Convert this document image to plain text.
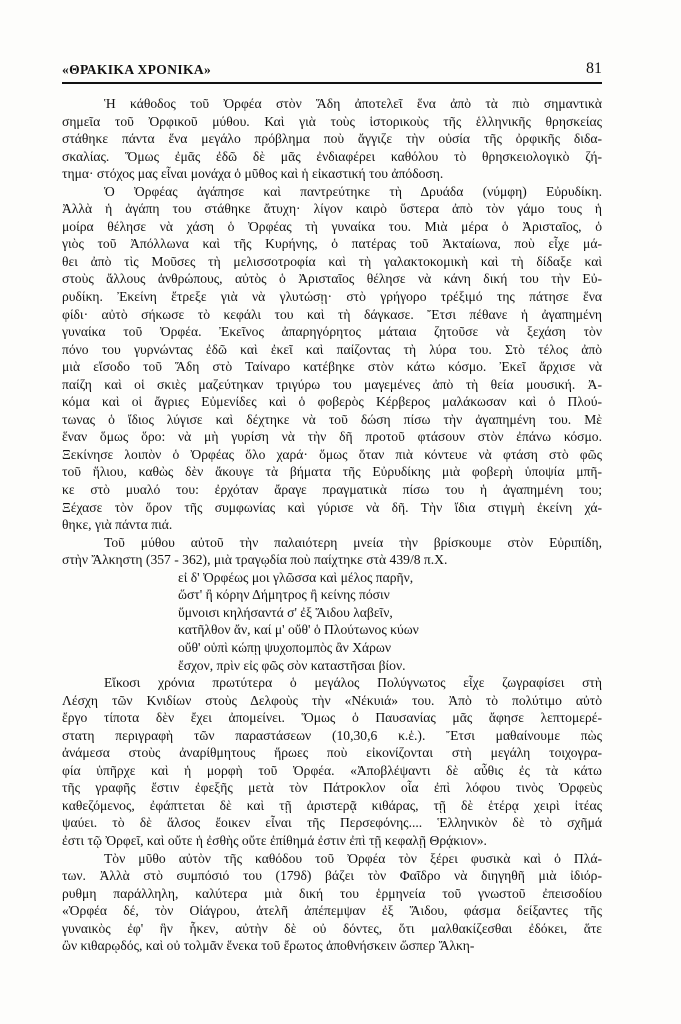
«ΘΡΑΚΙΚΑ ΧΡΟΝΙΚΑ»	81
Ἡ κάθοδος τοῦ Ὀρφέα στὸν Ἅδη ἀποτελεῖ ἕνα ἀπὸ τὰ πιὸ σημαντικὰ
σημεῖα τοῦ Ὀρφικοῦ μύθου. Καὶ γιὰ τοὺς ἱστορικοὺς τῆς ἑλληνικῆς θρησκείας
στάθηκε πάντα ἕνα μεγάλο πρόβλημα ποὺ ἄγγιζε τὴν οὐσία τῆς ὀρφικῆς διδα-
σκαλίας. Ὅμως ἐμᾶς ἐδῶ δὲ μᾶς ἐνδιαφέρει καθόλου τὸ θρησκειολογικὸ ζή-
τημα· στόχος μας εἶναι μονάχα ὁ μῦθος καὶ ἡ εἰκαστική του ἀπόδοση.
Ὁ Ὀρφέας ἀγάπησε καὶ παντρεύτηκε τὴ Δρυάδα (νύμφη) Εὐρυδίκη.
Ἀλλὰ ἡ ἀγάπη του στάθηκε ἄτυχη· λίγον καιρὸ ὕστερα ἀπὸ τὸν γάμο τους ἡ
μοίρα θέλησε νὰ χάση ὁ Ὀρφέας τὴ γυναίκα του. Μιὰ μέρα ὁ Ἀρισταῖος, ὁ
γιὸς τοῦ Ἀπόλλωνα καὶ τῆς Κυρήνης, ὁ πατέρας τοῦ Ἀκταίωνα, ποὺ εἶχε μά-
θει ἀπὸ τὶς Μοῦσες τὴ μελισσοτροφία καὶ τὴ γαλακτοκομικὴ καὶ τὴ δίδαξε καὶ
στοὺς ἄλλους ἀνθρώπους, αὐτὸς ὁ Ἀρισταῖος θέλησε νὰ κάνη δική του τὴν Εὐ-
ρυδίκη. Ἐκείνη ἔτρεξε γιὰ νὰ γλυτώσῃ· στὸ γρήγορο τρέξιμό της πάτησε ἕνα
φίδι· αὐτὸ σήκωσε τὸ κεφάλι του καὶ τὴ δάγκασε. Ἔτσι πέθανε ἡ ἀγαπημένη
γυναίκα τοῦ Ὀρφέα. Ἐκεῖνος ἀπαρηγόρητος μάταια ζητοῦσε νὰ ξεχάση τὸν
πόνο του γυρνώντας ἐδῶ καὶ ἐκεῖ καὶ παίζοντας τὴ λύρα του. Στὸ τέλος ἀπὸ
μιὰ εἴσοδο τοῦ Ἅδη στὸ Ταίναρο κατέβηκε στὸν κάτω κόσμο. Ἐκεῖ ἄρχισε νὰ
παίζη καὶ οἱ σκιὲς μαζεύτηκαν τριγύρω του μαγεμένες ἀπὸ τὴ θεία μουσική. Ἀ-
κόμα καὶ οἱ ἄγριες Εὐμενίδες καὶ ὁ φοβερὸς Κέρβερος μαλάκωσαν καὶ ὁ Πλού-
τωνας ὁ ἴδιος λύγισε καὶ δέχτηκε νὰ τοῦ δώση πίσω τὴν ἀγαπημένη του. Μὲ
ἕναν ὅμως ὅρο: νὰ μὴ γυρίση νὰ τὴν δῆ προτοῦ φτάσουν στὸν ἐπάνω κόσμο.
Ξεκίνησε λοιπὸν ὁ Ὀρφέας ὅλο χαρά· ὅμως ὅταν πιὰ κόντευε νὰ φτάση στὸ φῶς
τοῦ ἥλιου, καθὼς δὲν ἄκουγε τὰ βήματα τῆς Εὐρυδίκης μιὰ φοβερὴ ὑποψία μπῆ-
κε στὸ μυαλό του: ἐρχόταν ἄραγε πραγματικὰ πίσω του ἡ ἀγαπημένη του;
Ξέχασε τὸν ὅρον τῆς συμφωνίας καὶ γύρισε νὰ δῆ. Τὴν ἴδια στιγμὴ ἐκείνη χά-
θηκε, γιὰ πάντα πιά.
Τοῦ μύθου αὐτοῦ τὴν παλαιότερη μνεία τὴν βρίσκουμε στὸν Εὐριπίδη,
στὴν Ἄλκηστη (357 - 362), μιὰ τραγῳδία ποὺ παίχτηκε στὰ 439/8 π.Χ.
εἰ δ' Ὀρφέως μοι γλῶσσα καὶ μέλος παρῆν,
ὥστ' ἢ κόρην Δήμητρος ἢ κείνης πόσιν
ὕμνοισι κηλήσαντά σ' ἐξ Ἅιδου λαβεῖν,
κατῆλθον ἄν, καί μ' οὔθ' ὁ Πλούτωνος κύων
οὔθ' οὑπὶ κώπῃ ψυχοπομπὸς ἂν Χάρων
ἔσχον, πρὶν εἰς φῶς σὸν καταστῆσαι βίον.
Εἴκοσι χρόνια πρωτύτερα ὁ μεγάλος Πολύγνωτος εἶχε ζωγραφίσει στὴ
Λέσχη τῶν Κνιδίων στοὺς Δελφοὺς τὴν «Νέκυιά» του. Ἀπὸ τὸ πολύτιμο αὐτὸ
ἔργο τίποτα δὲν ἔχει ἀπομείνει. Ὅμως ὁ Παυσανίας μᾶς ἄφησε λεπτομερέ-
στατη περιγραφὴ τῶν παραστάσεων (10,30,6 κ.ἑ.). Ἔτσι μαθαίνουμε πὼς
ἀνάμεσα στοὺς ἀναρίθμητους ἥρωες ποὺ εἰκονίζονται στὴ μεγάλη τοιχογρα-
φία ὑπῆρχε καὶ ἡ μορφὴ τοῦ Ὀρφέα. «Ἀποβλέψαντι δὲ αὖθις ἐς τὰ κάτω
τῆς γραφῆς ἔστιν ἐφεξῆς μετὰ τὸν Πάτροκλον οἷα ἐπὶ λόφου τινὸς Ὀρφεὺς
καθεζόμενος, ἐφάπτεται δὲ καὶ τῇ ἀριστερᾷ κιθάρας, τῇ δὲ ἑτέρᾳ χειρὶ ἰτέας
ψαύει. τὸ δὲ ἄλσος ἔοικεν εἶναι τῆς Περσεφόνης.... Ἑλληνικὸν δὲ τὸ σχῆμά
ἐστι τῷ Ὀρφεῖ, καὶ οὔτε ἡ ἐσθὴς οὔτε ἐπίθημά ἐστιν ἐπὶ τῇ κεφαλῇ Θρᾴκιον».
Τὸν μῦθο αὐτὸν τῆς καθόδου τοῦ Ὀρφέα τὸν ξέρει φυσικὰ καὶ ὁ Πλά-
των. Ἀλλὰ στὸ συμπόσιό του (179δ) βάζει τὸν Φαῖδρο νὰ διηγηθῆ μιὰ ἰδιόρ-
ρυθμη παράλληλη, καλύτερα μιὰ δική του ἑρμηνεία τοῦ γνωστοῦ ἐπεισοδίου
«Ὀρφέα δέ, τὸν Οἰάγρου, ἀτελῆ ἀπέπεμψαν ἐξ Ἅιδου, φάσμα δείξαντες τῆς
γυναικὸς ἐφ' ἣν ἧκεν, αὐτὴν δὲ οὐ δόντες, ὅτι μαλθακίζεσθαι ἐδόκει, ἅτε
ὢν κιθαρῳδός, καὶ οὐ τολμᾶν ἕνεκα τοῦ ἔρωτος ἀποθνήσκειν ὥσπερ Ἄλκη-
